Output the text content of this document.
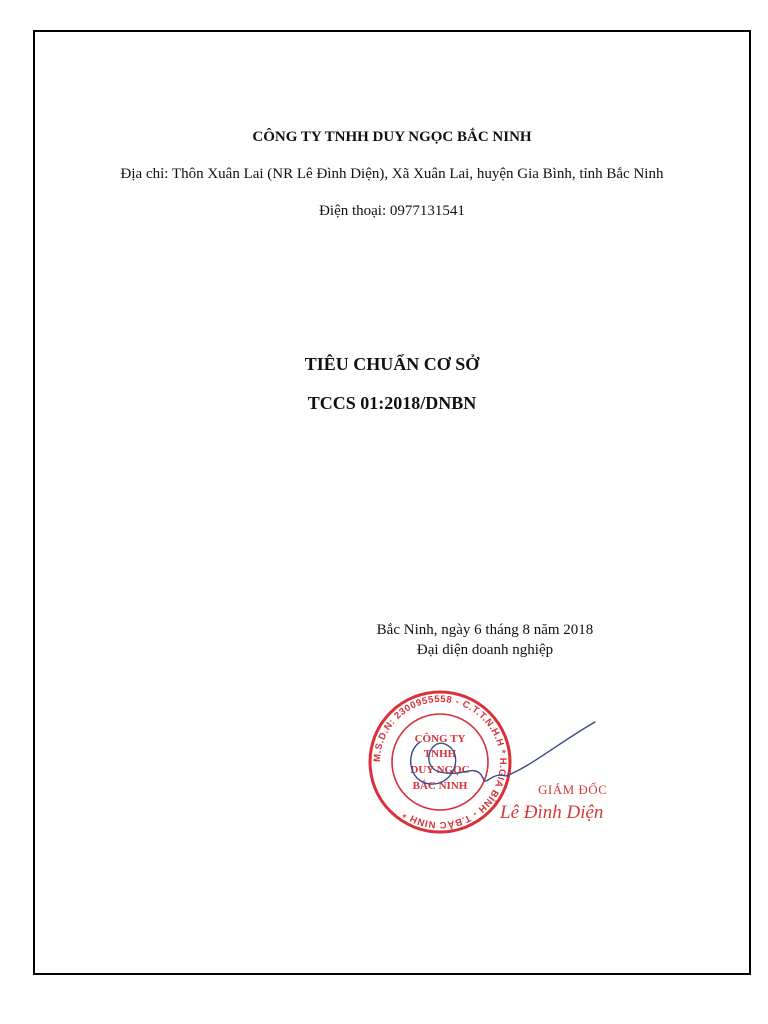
CÔNG TY TNHH DUY NGỌC BẮC NINH
Địa chỉ: Thôn Xuân Lai (NR Lê Đình Diện), Xã Xuân Lai, huyện Gia Bình, tỉnh Bắc Ninh
Điện thoại: 0977131541
TIÊU CHUẨN CƠ SỞ
TCCS 01:2018/DNBN
Bắc Ninh, ngày 6 tháng 8 năm 2018
Đại diện doanh nghiệp
M.S.D.N: 2300955558 - C.T.T.N.H.H * H.GIA BÌNH - T.BẮC NINH *
CÔNG TY
TNHH
DUY NGỌC
BẮC NINH	GIÁM ĐỐC
Lê Đình Diện
